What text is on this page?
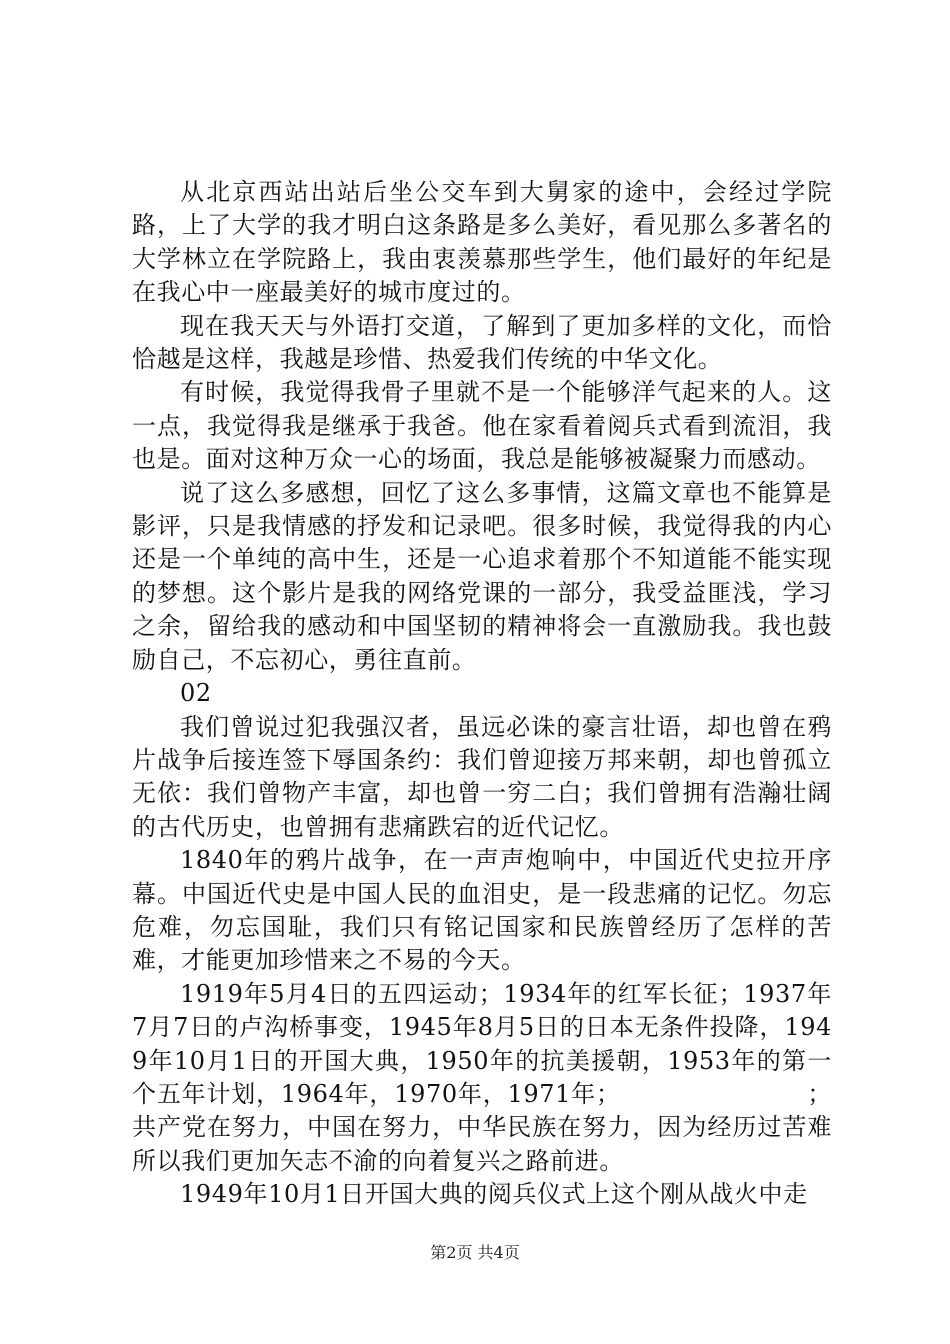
从北京西站出站后坐公交车到大舅家的途中，会经过学院路，上了大学的我才明白这条路是多么美好，看见那么多著名的大学林立在学院路上，我由衷羡慕那些学生，他们最好的年纪是在我心中一座最美好的城市度过的。

现在我天天与外语打交道，了解到了更加多样的文化，而恰恰越是这样，我越是珍惜、热爱我们传统的中华文化。

有时候，我觉得我骨子里就不是一个能够洋气起来的人。这一点，我觉得我是继承于我爸。他在家看着阅兵式看到流泪，我也是。面对这种万众一心的场面，我总是能够被凝聚力而感动。

说了这么多感想，回忆了这么多事情，这篇文章也不能算是影评，只是我情感的抒发和记录吧。很多时候，我觉得我的内心还是一个单纯的高中生，还是一心追求着那个不知道能不能实现的梦想。这个影片是我的网络党课的一部分，我受益匪浅，学习之余，留给我的感动和中国坚韧的精神将会一直激励我。我也鼓励自己，不忘初心，勇往直前。

02

我们曾说过犯我强汉者，虽远必诛的豪言壮语，却也曾在鸦片战争后接连签下辱国条约：我们曾迎接万邦来朝，却也曾孤立无依：我们曾物产丰富，却也曾一穷二白；我们曾拥有浩瀚壮阔的古代历史，也曾拥有悲痛跌宕的近代记忆。

1840年的鸦片战争，在一声声炮响中，中国近代史拉开序幕。中国近代史是中国人民的血泪史，是一段悲痛的记忆。勿忘危难，勿忘国耻，我们只有铭记国家和民族曾经历了怎样的苦难，才能更加珍惜来之不易的今天。

1919年5月4日的五四运动；1934年的红军长征；1937年7月7日的卢沟桥事变，1945年8月5日的日本无条件投降，1949年10月1日的开国大典，1950年的抗美援朝，1953年的第一个五年计划，1964年，1970年，1971年；　　　　　　　　；共产党在努力，中国在努力，中华民族在努力，因为经历过苦难所以我们更加矢志不渝的向着复兴之路前进。

1949年10月1日开国大典的阅兵仪式上这个刚从战火中走

第2页 共4页
